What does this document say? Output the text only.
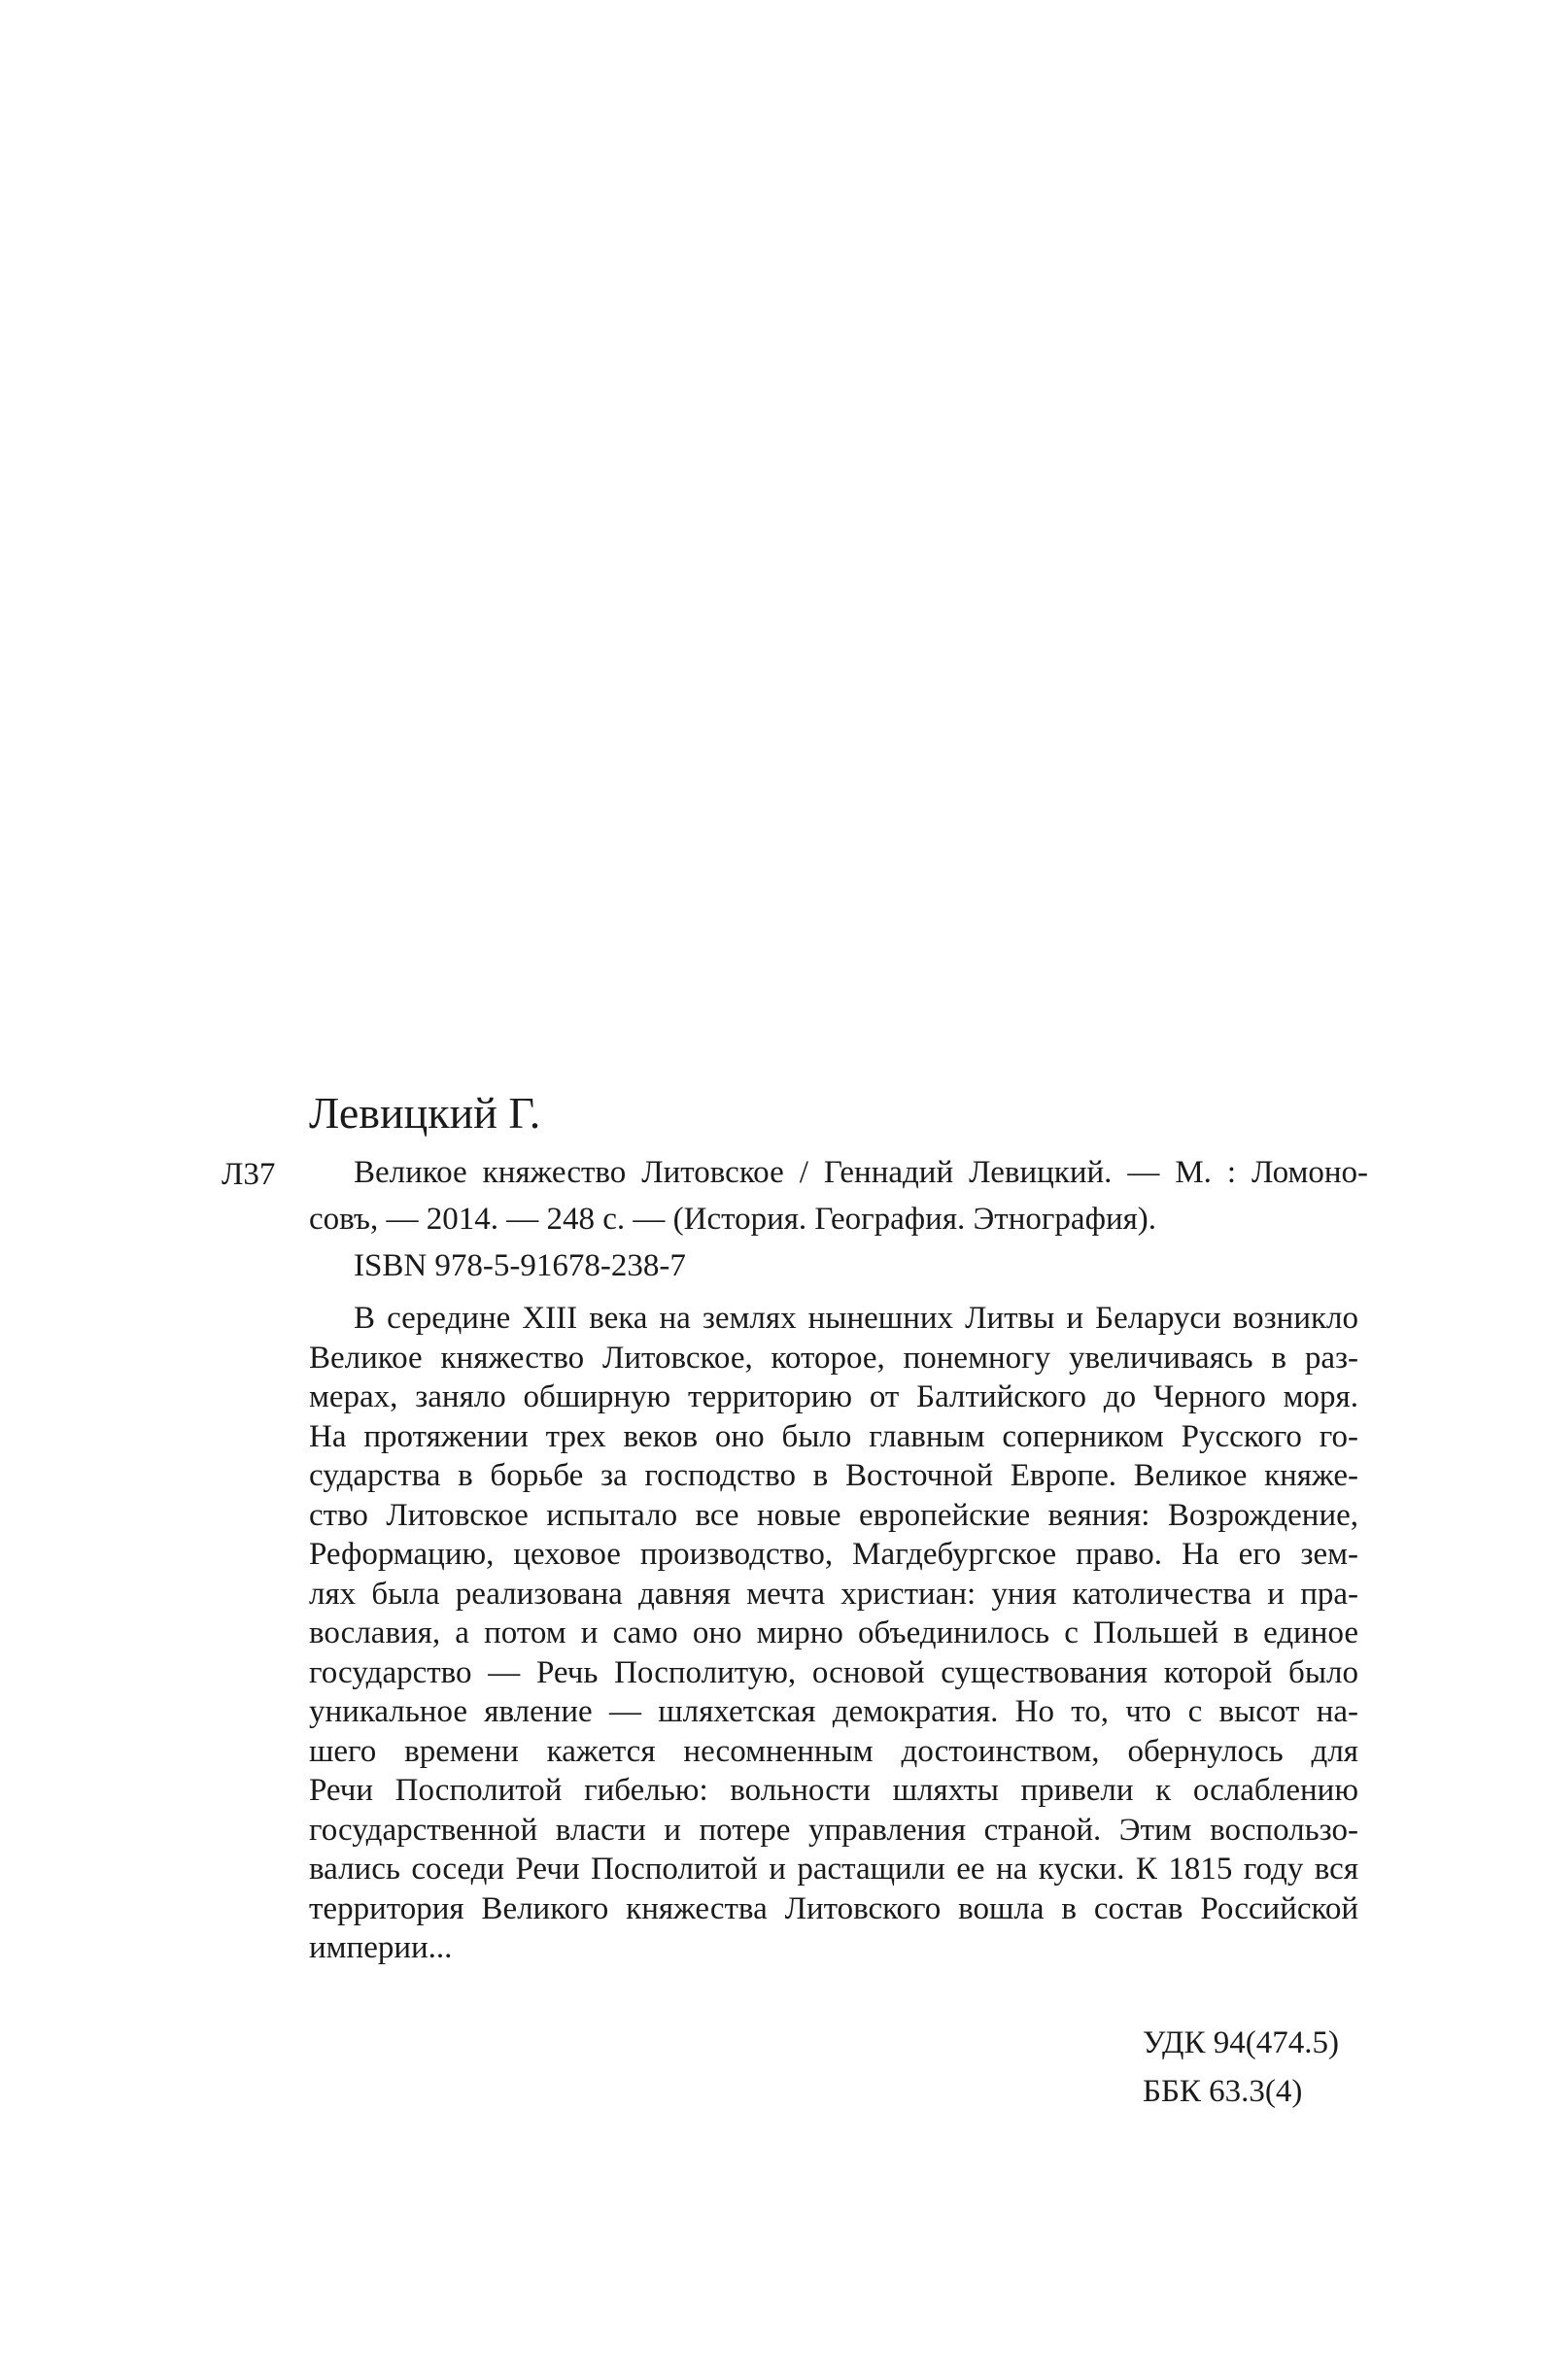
Левицкий Г.
Л37	Великое княжество Литовское / Геннадий Левицкий. — М. : Ломоно-
совъ, — 2014. — 248 с. — (История. География. Этнография).
ISBN 978-5-91678-238-7
В середине XIII века на землях нынешних Литвы и Беларуси возникло
Великое княжество Литовское, которое, понемногу увеличиваясь в раз-
мерах, заняло обширную территорию от Балтийского до Черного моря.
На протяжении трех веков оно было главным соперником Русского го-
сударства в борьбе за господство в Восточной Европе. Великое княже-
ство Литовское испытало все новые европейские веяния: Возрождение,
Реформацию, цеховое производство, Магдебургское право. На его зем-
лях была реализована давняя мечта христиан: уния католичества и пра-
вославия, а потом и само оно мирно объединилось с Польшей в единое
государство — Речь Посполитую, основой существования которой было
уникальное явление — шляхетская демократия. Но то, что с высот на-
шего времени кажется несомненным достоинством, обернулось для
Речи Посполитой гибелью: вольности шляхты привели к ослаблению
государственной власти и потере управления страной. Этим воспользо-
вались соседи Речи Посполитой и растащили ее на куски. К 1815 году вся
территория Великого княжества Литовского вошла в состав Российской
империи...
УДК 94(474.5)
ББК 63.3(4)
